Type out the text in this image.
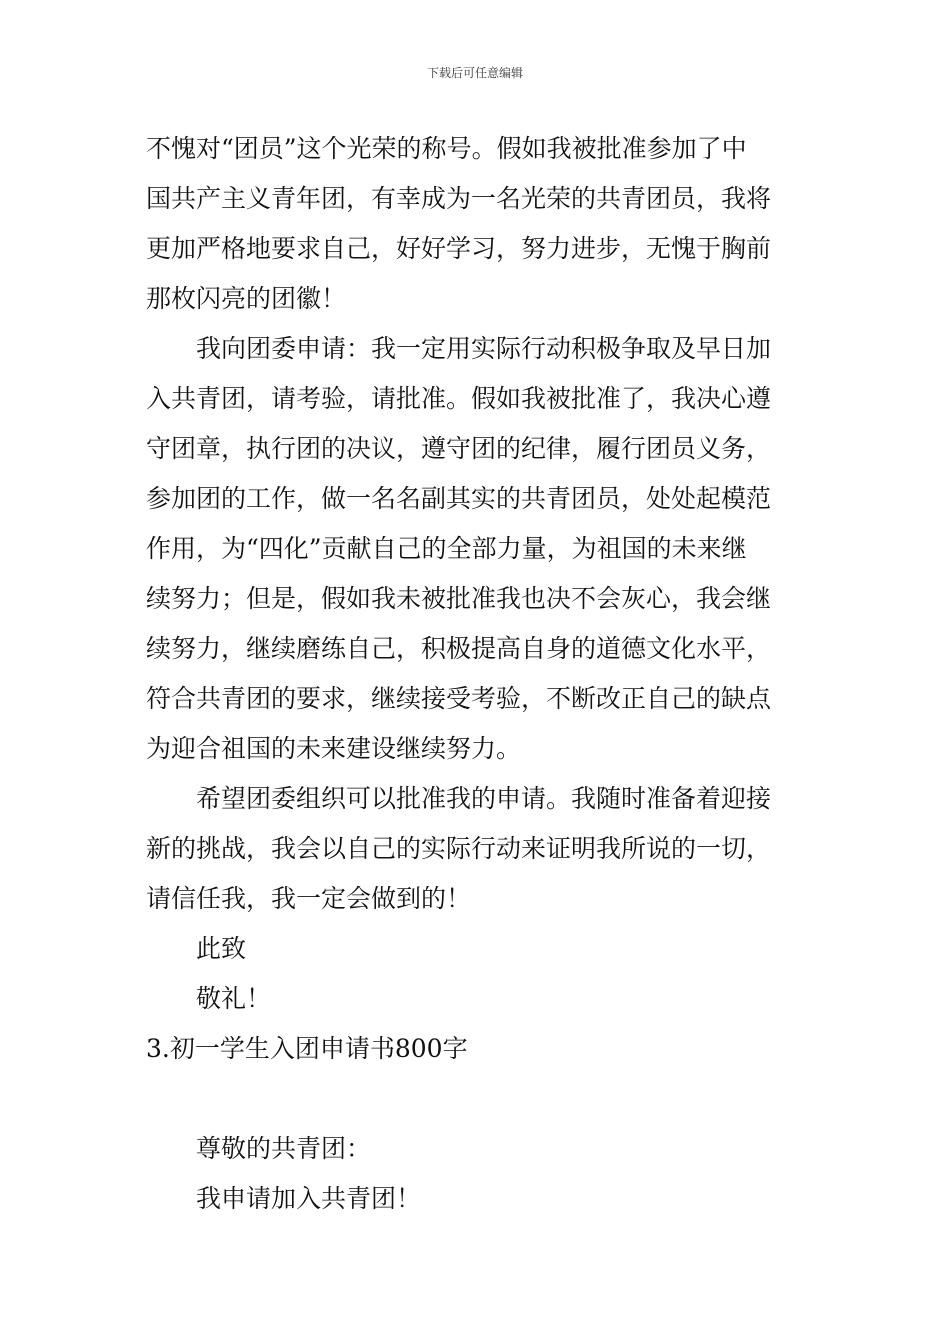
下载后可任意编辑
不愧对“团员”这个光荣的称号。假如我被批准参加了中
国共产主义青年团，有幸成为一名光荣的共青团员，我将
更加严格地要求自己，好好学习，努力进步，无愧于胸前
那枚闪亮的团徽！
我向团委申请：我一定用实际行动积极争取及早日加
入共青团，请考验，请批准。假如我被批准了，我决心遵
守团章，执行团的决议，遵守团的纪律，履行团员义务，
参加团的工作，做一名名副其实的共青团员，处处起模范
作用，为“四化”贡献自己的全部力量，为祖国的未来继
续努力；但是，假如我未被批准我也决不会灰心，我会继
续努力，继续磨练自己，积极提高自身的道德文化水平，
符合共青团的要求，继续接受考验，不断改正自己的缺点
为迎合祖国的未来建设继续努力。
希望团委组织可以批准我的申请。我随时准备着迎接
新的挑战，我会以自己的实际行动来证明我所说的一切，
请信任我，我一定会做到的！
此致
敬礼！
3.初一学生入团申请书800字
尊敬的共青团：
我申请加入共青团！
